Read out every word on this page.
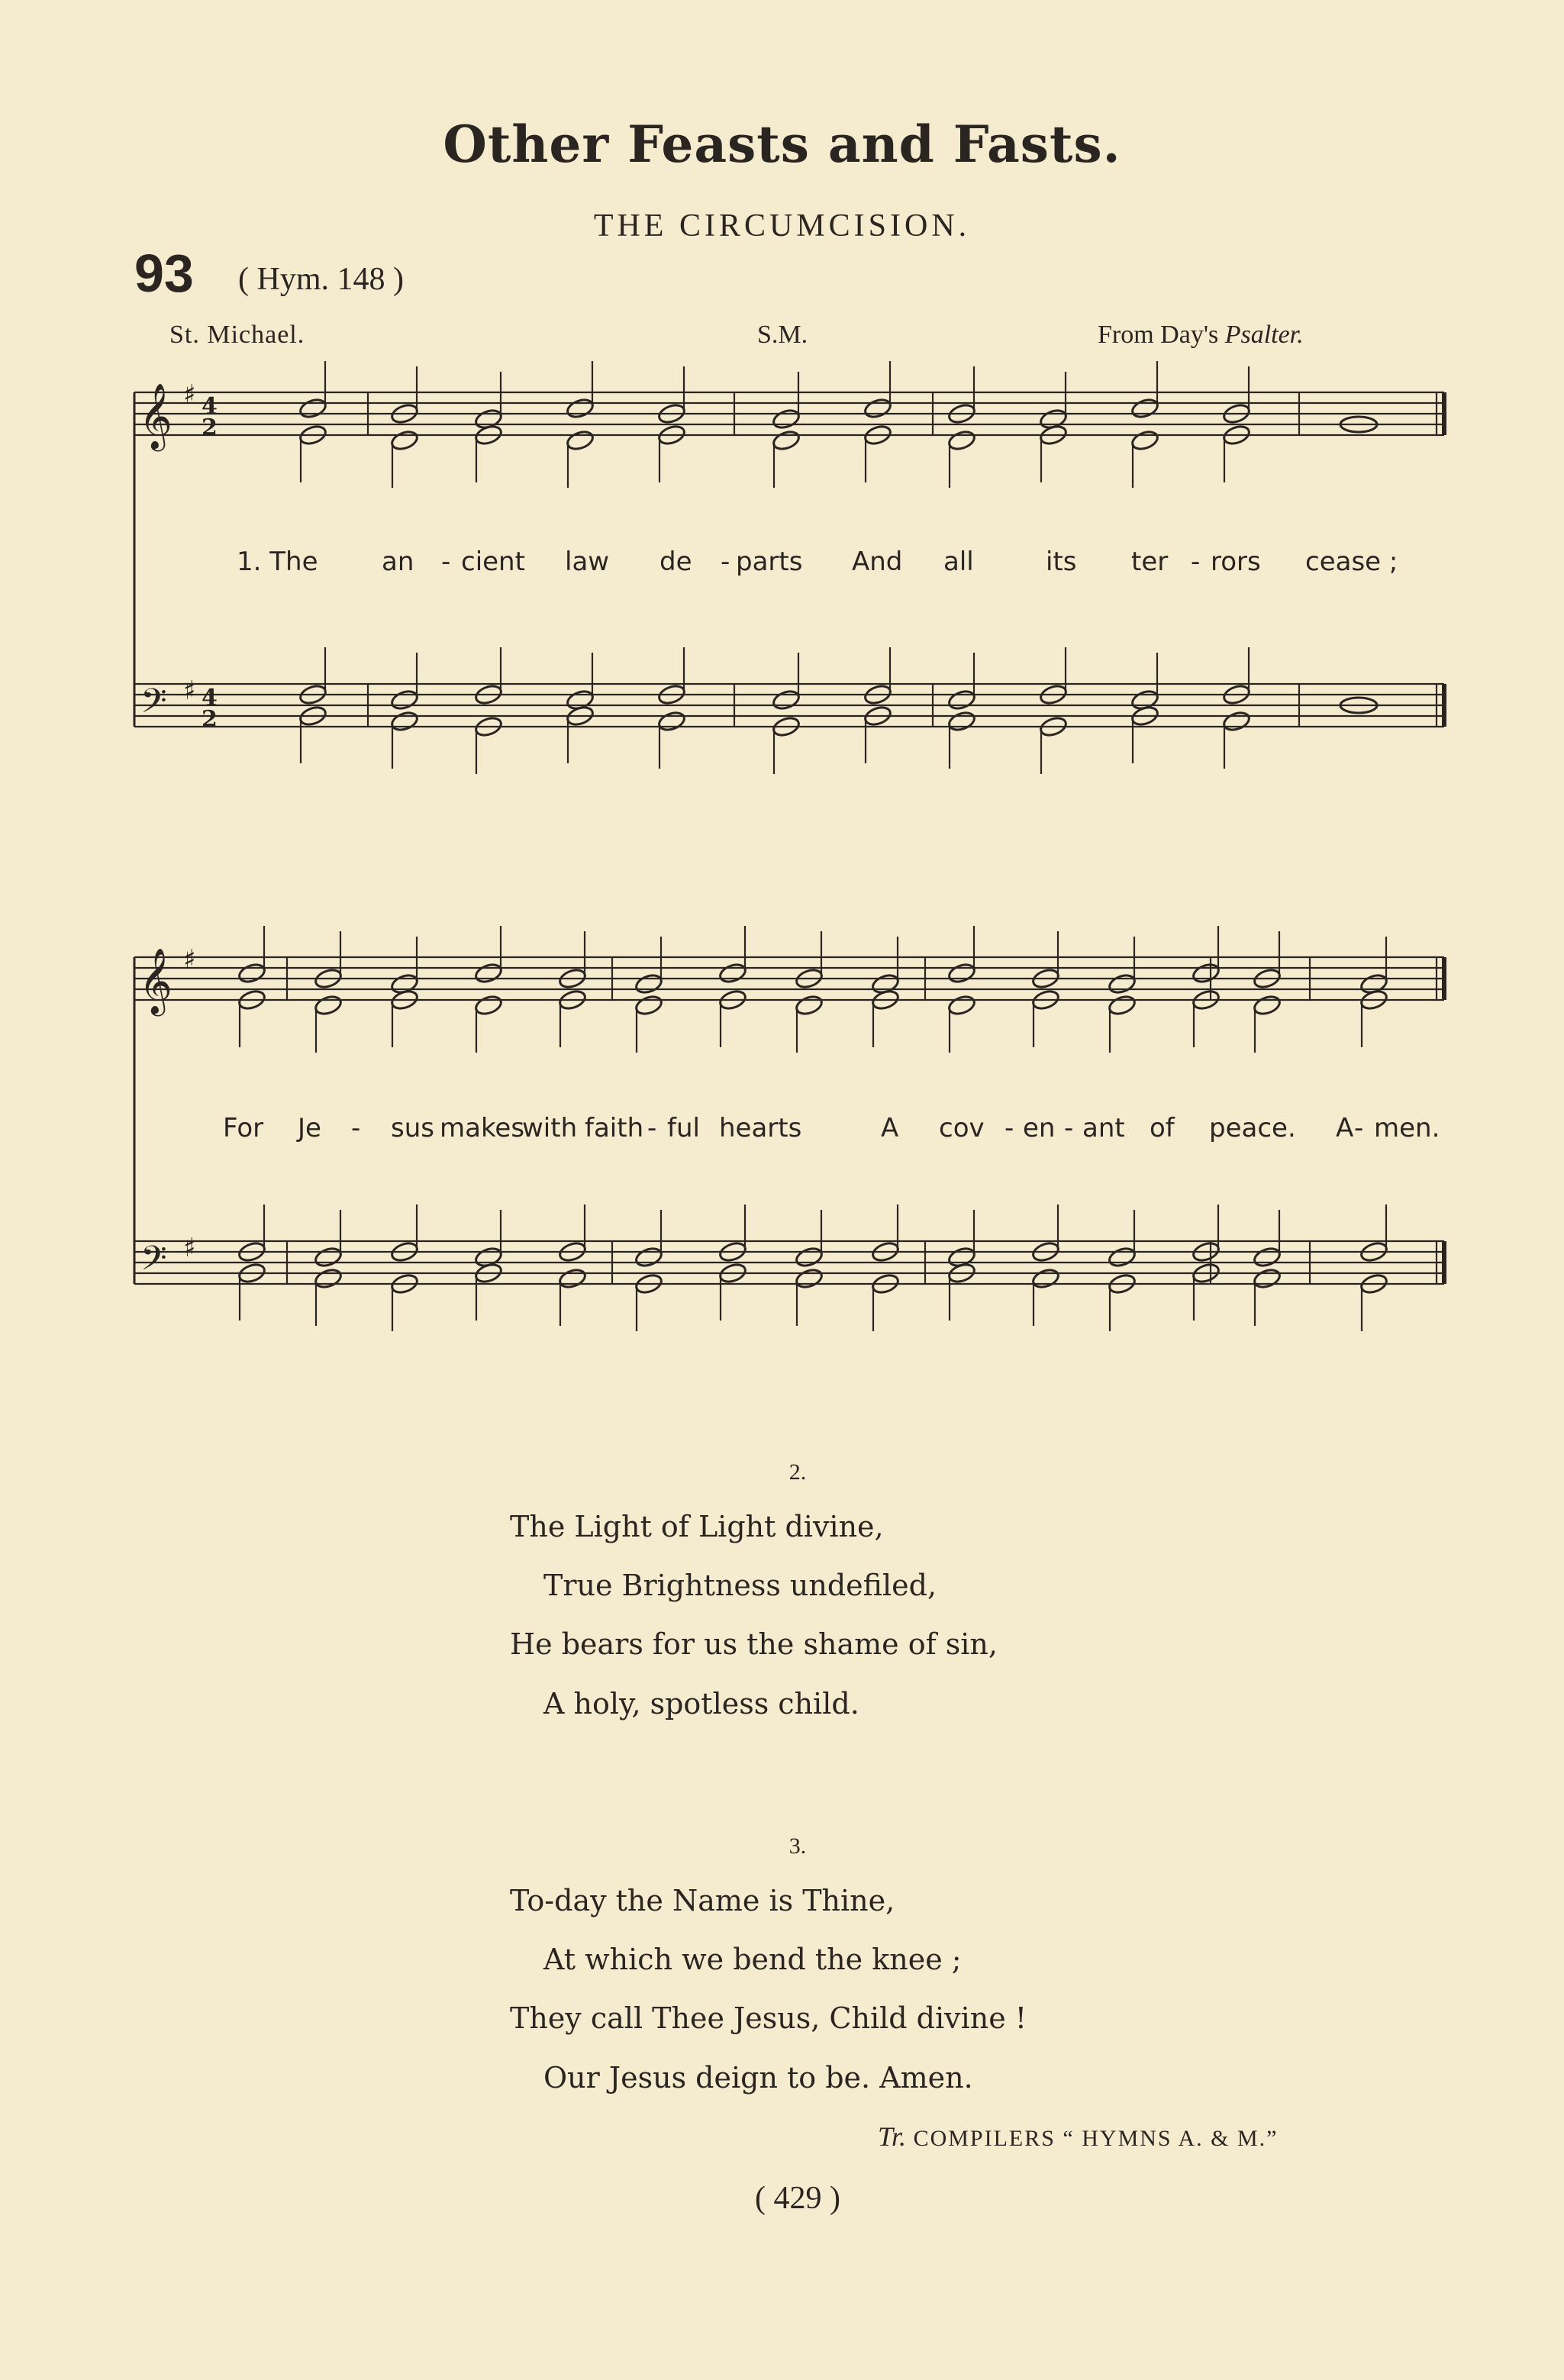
Other Feasts and Fasts.
THE CIRCUMCISION.
93 ( Hym. 148 )
St. Michael.	S.M.	From Day's Psalter.
𝄞
𝄢
♯
♯
4
2
4
2
𝄞
𝄢
♯
♯
1. The an - cient law de - parts And all	its ter - rors cease ;
For Je - sus makes
with faith - ful hearts	A cov - en - ant of peace. A - men.
2.
The Light of Light divine,
True Brightness undefiled,
He bears for us the shame of sin,
A holy, spotless child.
3.
To-day the Name is Thine,
At which we bend the knee ;
They call Thee Jesus, Child divine !
Our Jesus deign to be. Amen.
Tr. COMPILERS “ HYMNS A. & M.”
( 429 )
